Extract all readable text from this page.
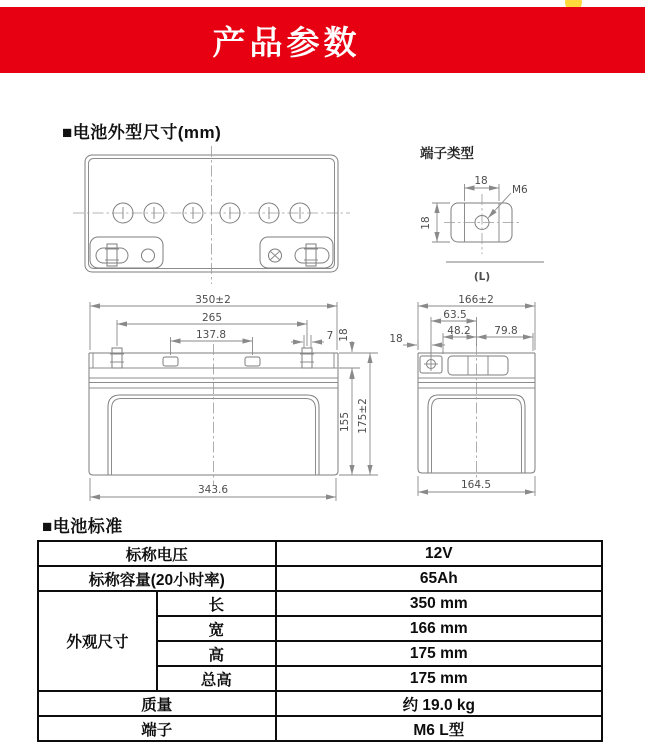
产品参数
■电池外型尺寸(mm)
端子类型
18
M6
18
(L)
350±2
265
137.8	7 18
155 175±2
343.6
166±2
63.5
48.2 79.8
18
164.5
■电池标准
标称电压		12V
标称容量(20小时率)		65Ah
外观尺寸	长	350 mm
	宽	166 mm
	高	175 mm
	总高	175 mm
质量		约 19.0 kg
端子		M6 L型
